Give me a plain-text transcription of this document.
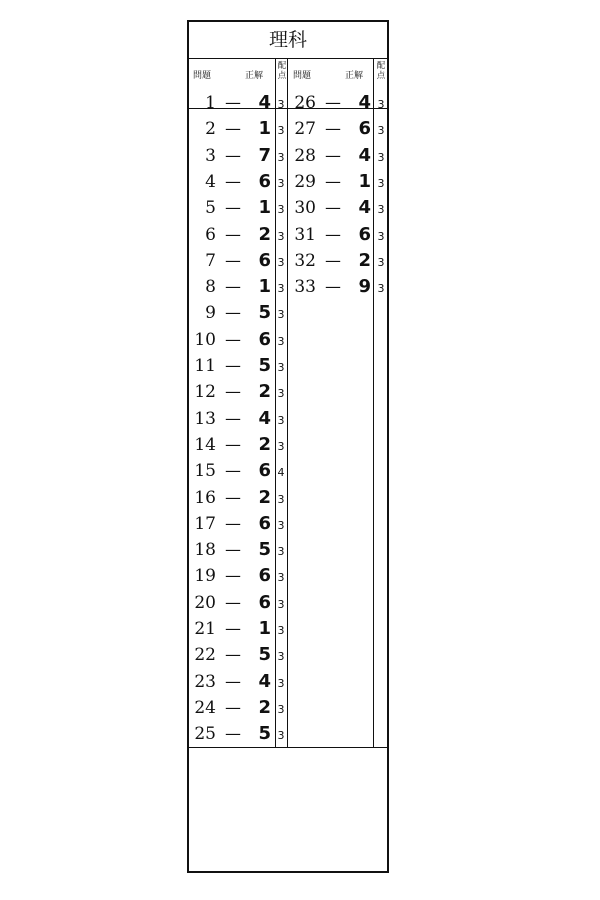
理科
問題	正解
配
点 問題	正解
配
点
1 — 4 3
2 — 1 3
3 — 7 3
4 — 6 3
5 — 1 3
6 — 2 3
7 — 6 3
8 — 1 3
9 — 5 3
10 — 6 3
11 — 5 3
12 — 2 3
13 — 4 3
14 — 2 3
15 — 6 4
16 — 2 3
17 — 6 3
18 — 5 3
19 — 6 3
20 — 6 3
21 — 1 3
22 — 5 3
23 — 4 3
24 — 2 3
25 — 5 3
26 — 4 3
27 — 6 3
28 — 4 3
29 — 1 3
30 — 4 3
31 — 6 3
32 — 2 3
33 — 9 3
